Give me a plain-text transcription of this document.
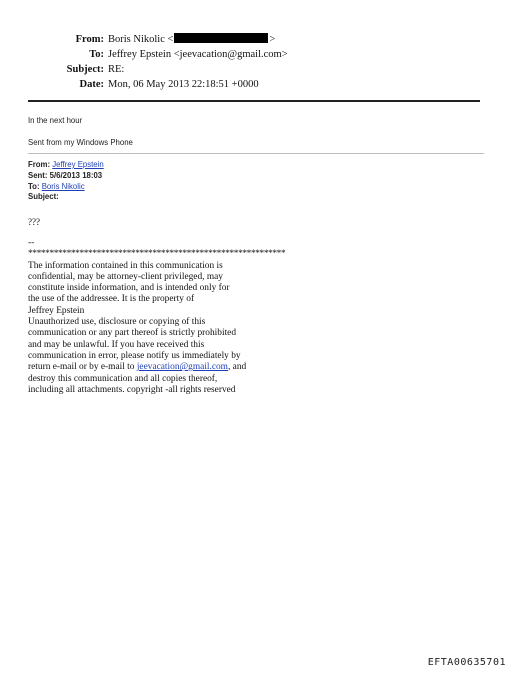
From: Boris Nikolic <	>
To: Jeffrey Epstein <jeevacation@gmail.com>
Subject: RE:
Date: Mon, 06 May 2013 22:18:51 +0000
In the next hour
Sent from my Windows Phone
From: Jeffrey Epstein
Sent: 5/6/2013 18:03
To: Boris Nikolic
Subject:
???
--
************************************************************
The information contained in this communication is
confidential, may be attorney-client privileged, may
constitute inside information, and is intended only for
the use of the addressee. It is the property of
Jeffrey Epstein
Unauthorized use, disclosure or copying of this
communication or any part thereof is strictly prohibited
and may be unlawful. If you have received this
communication in error, please notify us immediately by
return e-mail or by e-mail to jeevacation@gmail.com, and
destroy this communication and all copies thereof,
including all attachments. copyright -all rights reserved
EFTA00635701
